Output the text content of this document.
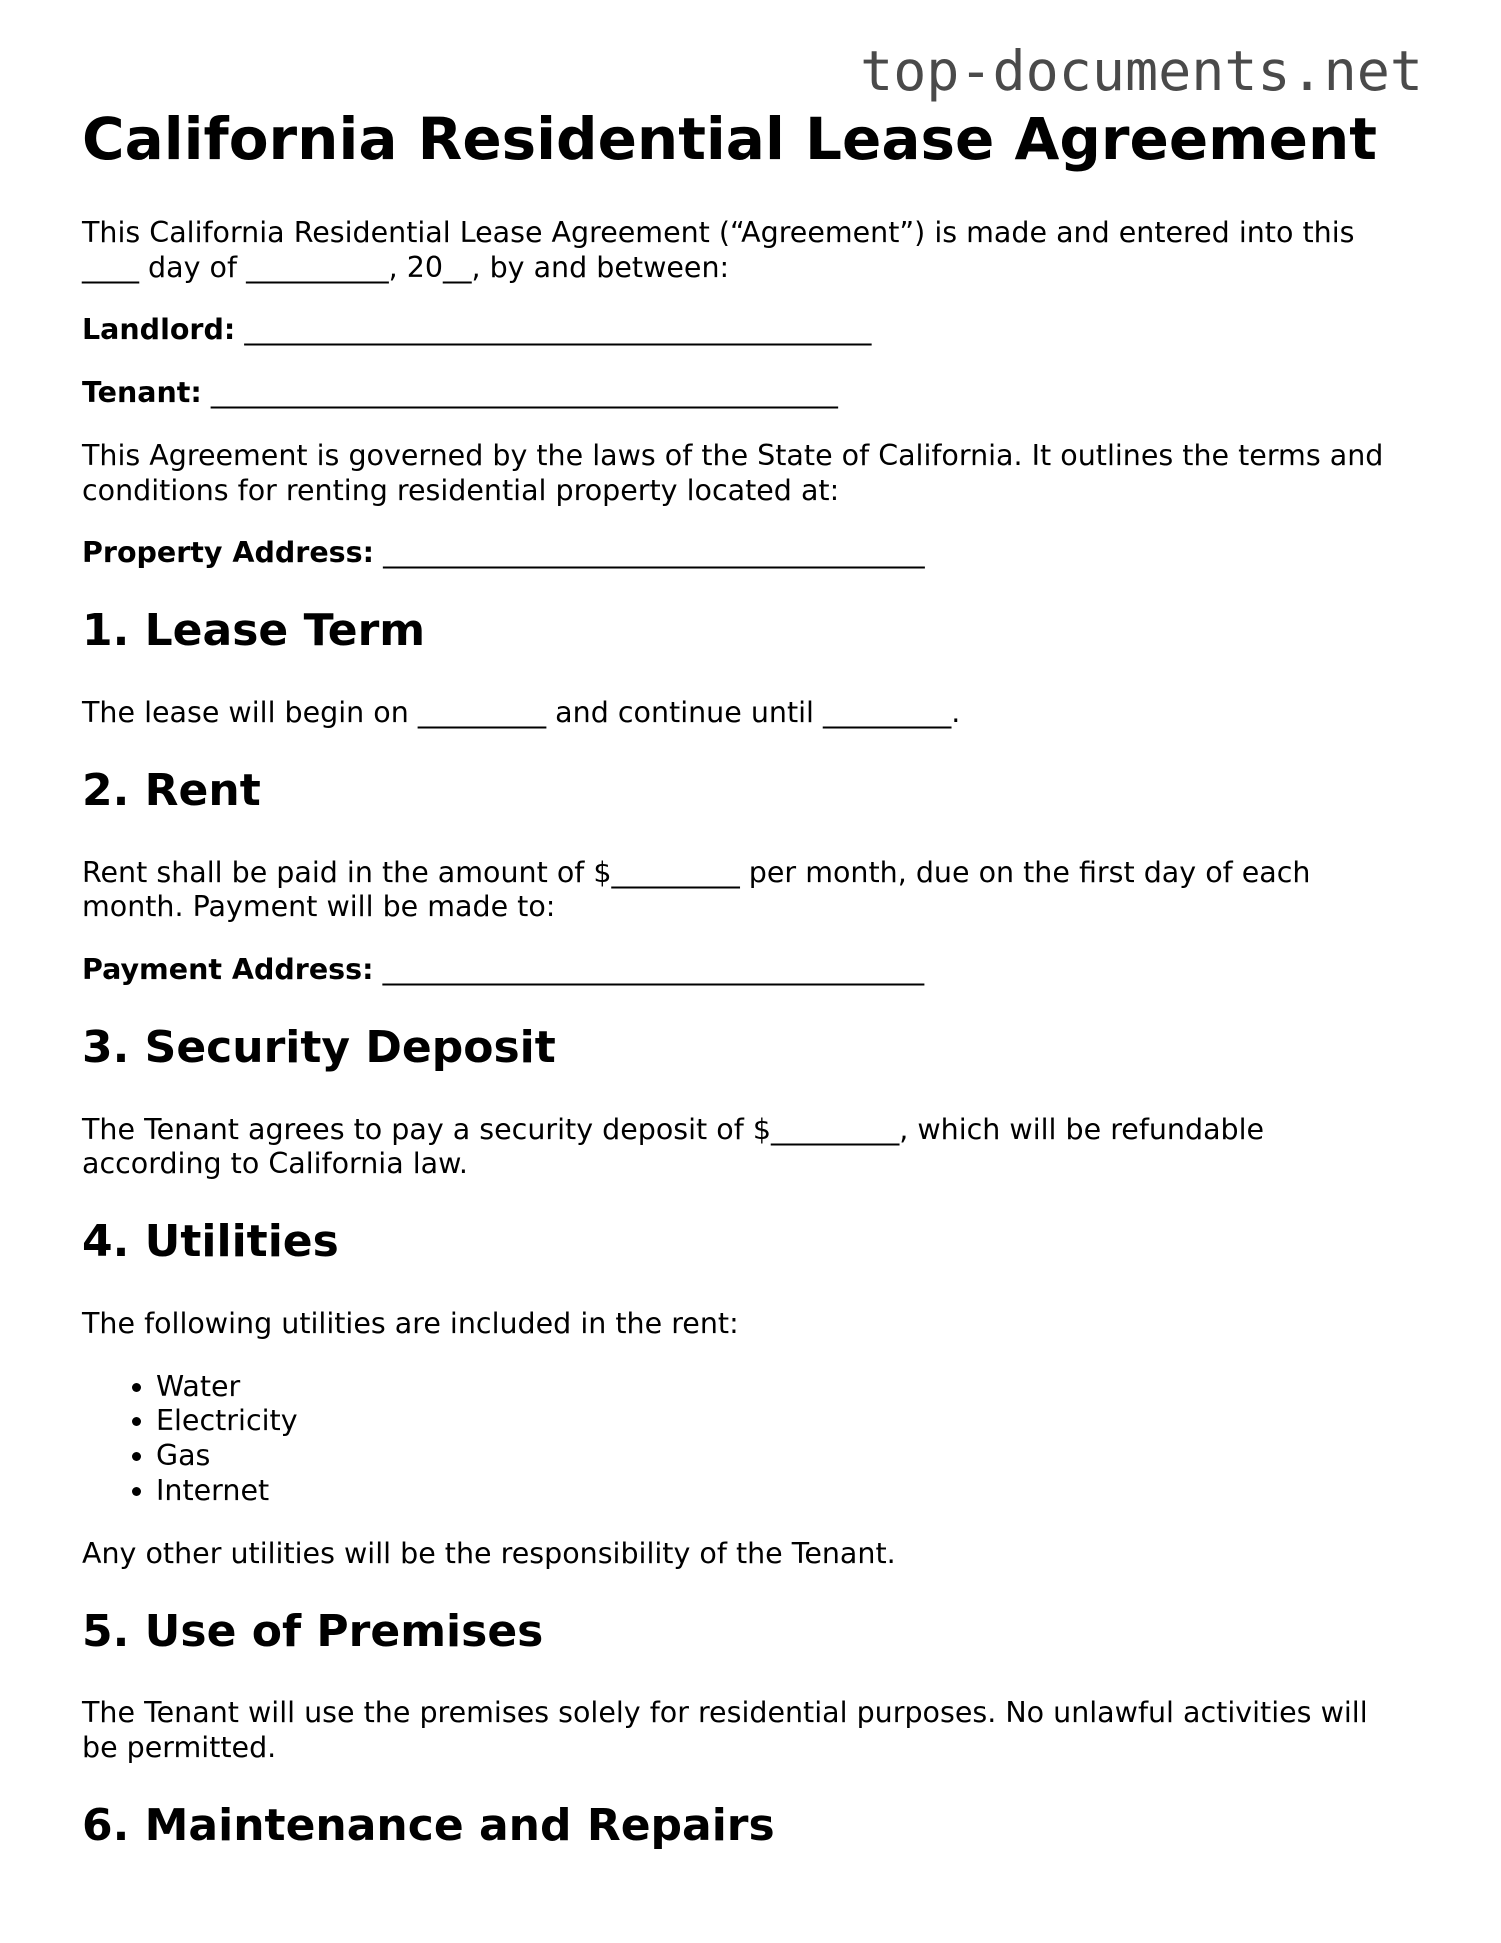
top-documents.net
California Residential Lease Agreement

This California Residential Lease Agreement (“Agreement”) is made and entered into this ____ day of __________, 20__, by and between:

Landlord: ____________________________________________

Tenant: ____________________________________________

This Agreement is governed by the laws of the State of California. It outlines the terms and conditions for renting residential property located at:

Property Address: ______________________________________

1. Lease Term

The lease will begin on _________ and continue until _________.

2. Rent

Rent shall be paid in the amount of $_________ per month, due on the first day of each month. Payment will be made to:

Payment Address: ______________________________________

3. Security Deposit

The Tenant agrees to pay a security deposit of $_________, which will be refundable according to California law.

4. Utilities

The following utilities are included in the rent:

• Water
• Electricity
• Gas
• Internet

Any other utilities will be the responsibility of the Tenant.

5. Use of Premises

The Tenant will use the premises solely for residential purposes. No unlawful activities will be permitted.

6. Maintenance and Repairs
